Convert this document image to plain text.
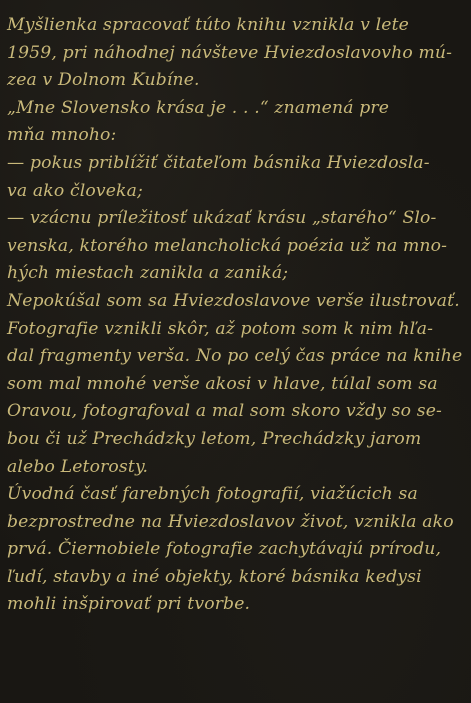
Myšlienka spracovať túto knihu vznikla v lete
1959, pri náhodnej návšteve Hviezdoslavovho mú-
zea v Dolnom Kubíne.
„Mne Slovensko krása je . . .“ znamená pre
mňa mnoho:
— pokus priblížiť čitateľom básnika Hviezdosla-
va ako človeka;
— vzácnu príležitosť ukázať krásu „starého“ Slo-
venska, ktorého melancholická poézia už na mno-
hých miestach zanikla a zaniká;
Nepokúšal som sa Hviezdoslavove verše ilustrovať.
Fotografie vznikli skôr, až potom som k nim hľa-
dal fragmenty verša. No po celý čas práce na knihe
som mal mnohé verše akosi v hlave, túlal som sa
Oravou, fotografoval a mal som skoro vždy so se-
bou či už Prechádzky letom, Prechádzky jarom
alebo Letorosty.
Úvodná časť farebných fotografií, viažúcich sa
bezprostredne na Hviezdoslavov život, vznikla ako
prvá. Čiernobiele fotografie zachytávajú prírodu,
ľudí, stavby a iné objekty, ktoré básnika kedysi
mohli inšpirovať pri tvorbe.
